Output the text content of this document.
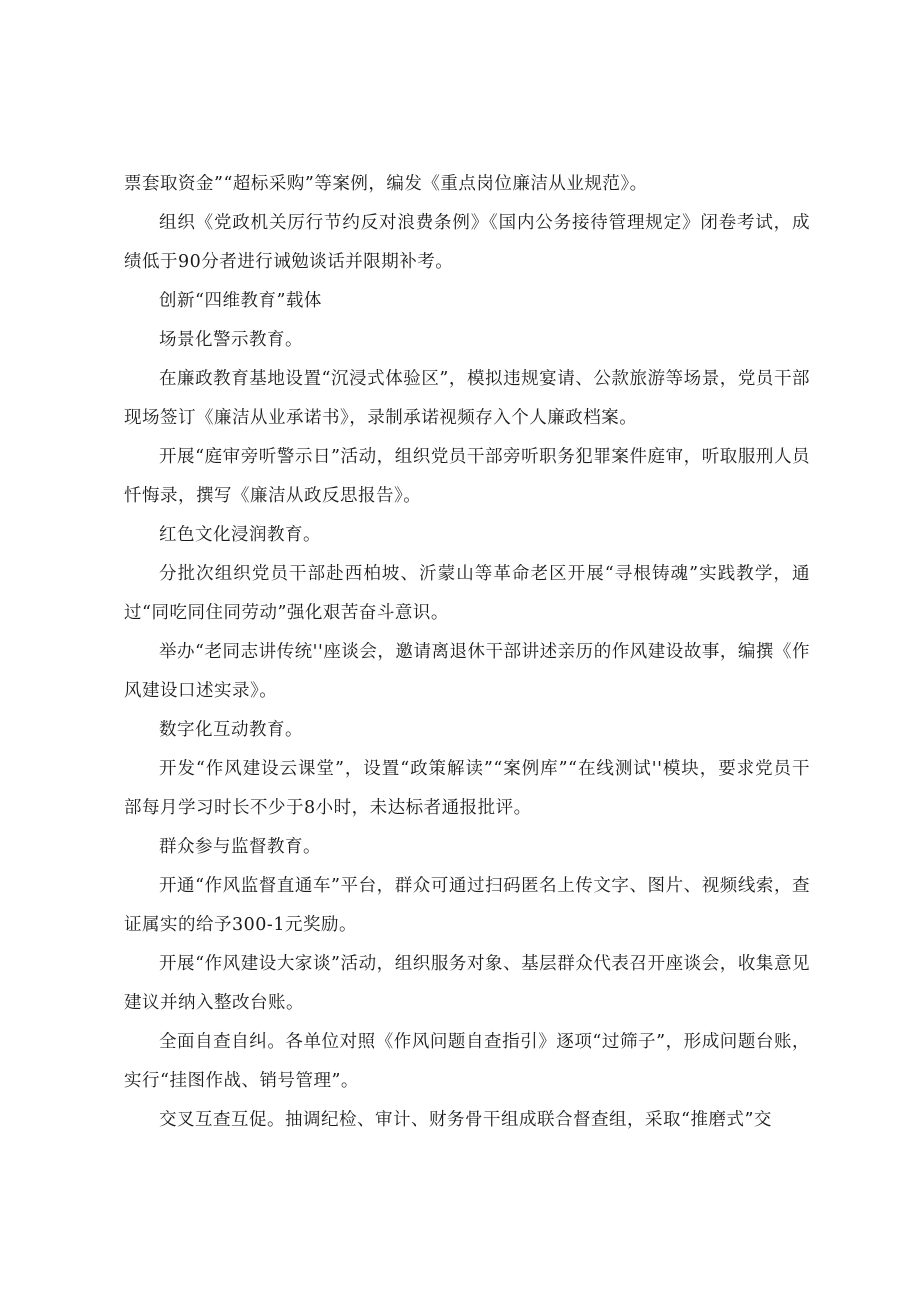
票套取资金”“超标采购”等案例，编发《重点岗位廉洁从业规范》。

组织《党政机关厉行节约反对浪费条例》《国内公务接待管理规定》闭卷考试，成绩低于90分者进行诫勉谈话并限期补考。

创新“四维教育”载体

场景化警示教育。

在廉政教育基地设置“沉浸式体验区”，模拟违规宴请、公款旅游等场景，党员干部现场签订《廉洁从业承诺书》，录制承诺视频存入个人廉政档案。

开展“庭审旁听警示日”活动，组织党员干部旁听职务犯罪案件庭审，听取服刑人员忏悔录，撰写《廉洁从政反思报告》。

红色文化浸润教育。

分批次组织党员干部赴西柏坡、沂蒙山等革命老区开展“寻根铸魂”实践教学，通过“同吃同住同劳动”强化艰苦奋斗意识。

举办“老同志讲传统''座谈会，邀请离退休干部讲述亲历的作风建设故事，编撰《作风建设口述实录》。

数字化互动教育。

开发“作风建设云课堂”，设置“政策解读”“案例库”“在线测试''模块，要求党员干部每月学习时长不少于8小时，未达标者通报批评。

群众参与监督教育。

开通“作风监督直通车”平台，群众可通过扫码匿名上传文字、图片、视频线索，查证属实的给予300-1元奖励。

开展“作风建设大家谈”活动，组织服务对象、基层群众代表召开座谈会，收集意见建议并纳入整改台账。

全面自查自纠。各单位对照《作风问题自查指引》逐项“过筛子”，形成问题台账，实行“挂图作战、销号管理”。

交叉互查互促。抽调纪检、审计、财务骨干组成联合督查组，采取“推磨式”交
